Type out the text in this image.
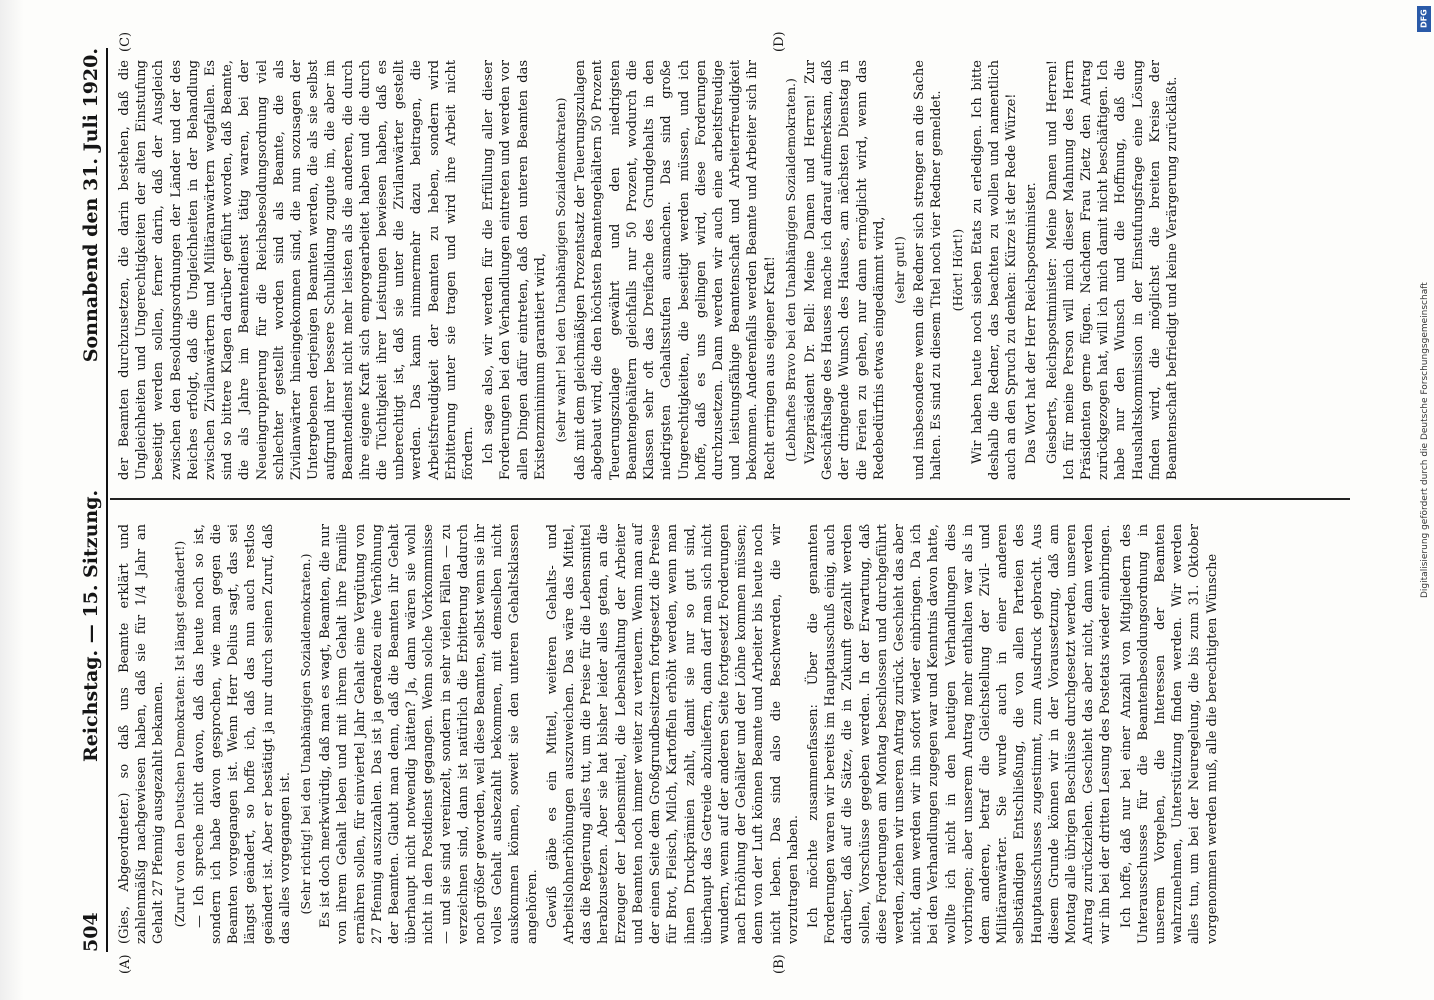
504
Reichstag. — 15. Sitzung.
Sonnabend den 31. Juli 1920.
(A)	(B)
(C)	(D)

(Gies, Abgeordneter.) so daß uns Beamte erklärt und zahlenmäßig nachgewiesen haben, daß sie für 1/4 Jahr an Gehalt 27 Pfennig ausgezahlt bekamen. (Zuruf von den Deutschen Demokraten: Ist längst geändert!) — Ich spreche nicht davon, daß das heute noch so ist, sondern ich habe davon gesprochen, wie man gegen die Beamten vorgegangen ist. Wenn Herr Delius sagt, das sei längst geändert, so hoffe ich, daß das nun auch restlos geändert ist. Aber er bestätigt ja nur durch seinen Zuruf, daß das alles vorgegangen ist. (Sehr richtig! bei den Unabhängigen Sozialdemokraten.) Es ist doch merkwürdig, daß man es wagt, Beamten, die nur von ihrem Gehalt leben und mit ihrem Gehalt ihre Familie ernähren sollen, für einviertel Jahr Gehalt eine Vergütung von 27 Pfennig auszuzahlen. Das ist ja geradezu eine Verhöhnung der Beamten. Glaubt man denn, daß die Beamten ihr Gehalt überhaupt nicht notwendig hätten? Ja, dann wären sie wohl nicht in den Postdienst gegangen. Wenn solche Vorkommnisse — und sie sind vereinzelt, sondern in sehr vielen Fällen — zu verzeichnen sind, dann ist natürlich die Erbitterung dadurch noch größer geworden, weil diese Beamten, selbst wenn sie ihr volles Gehalt ausbezahlt bekommen, mit demselben nicht auskommen können, soweit sie den unteren Gehaltsklassen angehören. Gewiß gäbe es ein Mittel, weiteren Gehalts- und Arbeitslohnerhöhungen auszuweichen. Das wäre das Mittel, das die Regierung alles tut, um die Preise für die Lebensmittel herabzusetzen. Aber sie hat bisher leider alles getan, an die Erzeuger der Lebensmittel, die Lebenshaltung der Arbeiter und Beamten noch immer weiter zu verteuern. Wenn man auf der einen Seite dem Großgrundbesitzern fortgesetzt die Preise für Brot, Fleisch, Milch, Kartoffeln erhöht werden, wenn man ihnen Druckprämien zahlt, damit sie nur so gut sind, überhaupt das Getreide abzuliefern, dann darf man sich nicht wundern, wenn auf der anderen Seite fortgesetzt Forderungen nach Erhöhung der Gehälter und der Löhne kommen müssen; denn von der Luft können Beamte und Arbeiter bis heute noch nicht leben. Das sind also die Beschwerden, die wir vorzutragen haben. Ich möchte zusammenfassen: Über die genannten Forderungen waren wir bereits im Hauptausschuß einig, auch darüber, daß auf die Sätze, die in Zukunft gezahlt werden sollen, Vorschüsse gegeben werden. In der Erwartung, daß diese Forderungen am Montag beschlossen und durchgeführt werden, ziehen wir unseren Antrag zurück. Geschieht das aber nicht, dann werden wir ihn sofort wieder einbringen. Da ich bei den Verhandlungen zugegen war und Kenntnis davon hatte, wollte ich nicht in den heutigen Verhandlungen dies vorbringen; aber unserem Antrag mehr enthalten war als in dem anderen, betraf die Gleichstellung der Zivil- und Militäranwärter. Sie wurde auch in einer anderen selbständigen Entschließung, die von allen Parteien des Hauptausschusses zugestimmt, zum Ausdruck gebracht. Aus diesem Grunde können wir in der Voraussetzung, daß am Montag alle übrigen Beschlüsse durchgesetzt werden, unseren Antrag zurückziehen. Geschieht das aber nicht, dann werden wir ihn bei der dritten Lesung des Postetats wieder einbringen. Ich hoffe, daß nur bei einer Anzahl von Mitgliedern des Unterausschusses für die Beamtenbesoldungsordnung in unserem Vorgehen, die Interessen der Beamten wahrzunehmen, Unterstützung finden werden. Wir werden alles tun, um bei der Neuregelung, die bis zum 31. Oktober vorgenommen werden muß, alle die berechtigten Wünsche

der Beamten durchzusetzen, die darin bestehen, daß die Ungleichheiten und Ungerechtigkeiten der alten Einstufung beseitigt werden sollen, ferner darin, daß der Ausgleich zwischen den Besoldungsordnungen der Länder und der des Reiches erfolgt, daß die Ungleichheiten in der Behandlung zwischen Zivilanwärtern und Militäranwärtern wegfallen. Es sind so bittere Klagen darüber geführt worden, daß Beamte, die als Jahre im Beamtendienst tätig waren, bei der Neueingruppierung für die Reichsbesoldungsordnung viel schlechter gestellt worden sind als Beamte, die als Zivilanwärter hineingekommen sind, die nun sozusagen der Untergebenen derjenigen Beamten werden, die als sie selbst aufgrund ihrer bessere Schulbildung zugute im, die aber im Beamtendienst nicht mehr leisten als die anderen, die durch ihre eigene Kraft sich emporgearbeitet haben und die durch die Tüchtigkeit ihrer Leistungen bewiesen haben, daß es unberechtigt ist, daß sie unter die Zivilanwärter gestellt werden. Das kann nimmermehr dazu beitragen, die Arbeitsfreudigkeit der Beamten zu heben, sondern wird Erbitterung unter sie tragen und wird ihre Arbeit nicht fördern. Ich sage also, wir werden für die Erfüllung aller dieser Forderungen bei den Verhandlungen eintreten und werden vor allen Dingen dafür eintreten, daß den unteren Beamten das Existenzminimum garantiert wird, (sehr wahr! bei den Unabhängigen Sozialdemokraten) daß mit dem gleichmäßigen Prozentsatz der Teuerungszulagen abgebaut wird, die den höchsten Beamtengehältern 50 Prozent Teuerungszulage gewährt und den niedrigsten Beamtengehältern gleichfalls nur 50 Prozent, wodurch die Klassen sehr oft das Dreifache des Grundgehalts in den niedrigsten Gehaltsstufen ausmachen. Das sind große Ungerechtigkeiten, die beseitigt werden müssen, und ich hoffe, daß es uns gelingen wird, diese Forderungen durchzusetzen. Dann werden wir auch eine arbeitsfreudige und leistungsfähige Beamtenschaft und Arbeiterfreudigkeit bekommen. Anderenfalls werden Beamte und Arbeiter sich ihr Recht erringen aus eigener Kraft! (Lebhaftes Bravo bei den Unabhängigen Sozialdemokraten.) Vizepräsident Dr. Bell: Meine Damen und Herren! Zur Geschäftslage des Hauses mache ich darauf aufmerksam, daß der dringende Wunsch des Hauses, am nächsten Dienstag in die Ferien zu gehen, nur dann ermöglicht wird, wenn das Redebedürfnis etwas eingedämmt wird, (sehr gut!) und insbesondere wenn die Redner sich strenger an die Sache halten. Es sind zu diesem Titel noch vier Redner gemeldet. (Hört! Hört!) Wir haben heute noch sieben Etats zu erledigen. Ich bitte deshalb die Redner, das beachten zu wollen und namentlich auch an den Spruch zu denken: Kürze ist der Rede Würze! Das Wort hat der Herr Reichspostminister. Giesberts, Reichspostminister: Meine Damen und Herren! Ich für meine Person will mich dieser Mahnung des Herrn Präsidenten gerne fügen. Nachdem Frau Zietz den Antrag zurückgezogen hat, will ich mich damit nicht beschäftigen. Ich habe nur den Wunsch und die Hoffnung, daß die Haushaltskommission in der Einstufungsfrage eine Lösung finden wird, die möglichst die breiten Kreise der Beamtenschaft befriedigt und keine Verärgerung zurückläßt.

DFG
Digitalisierung gefördert durch die Deutsche Forschungsgemeinschaft
